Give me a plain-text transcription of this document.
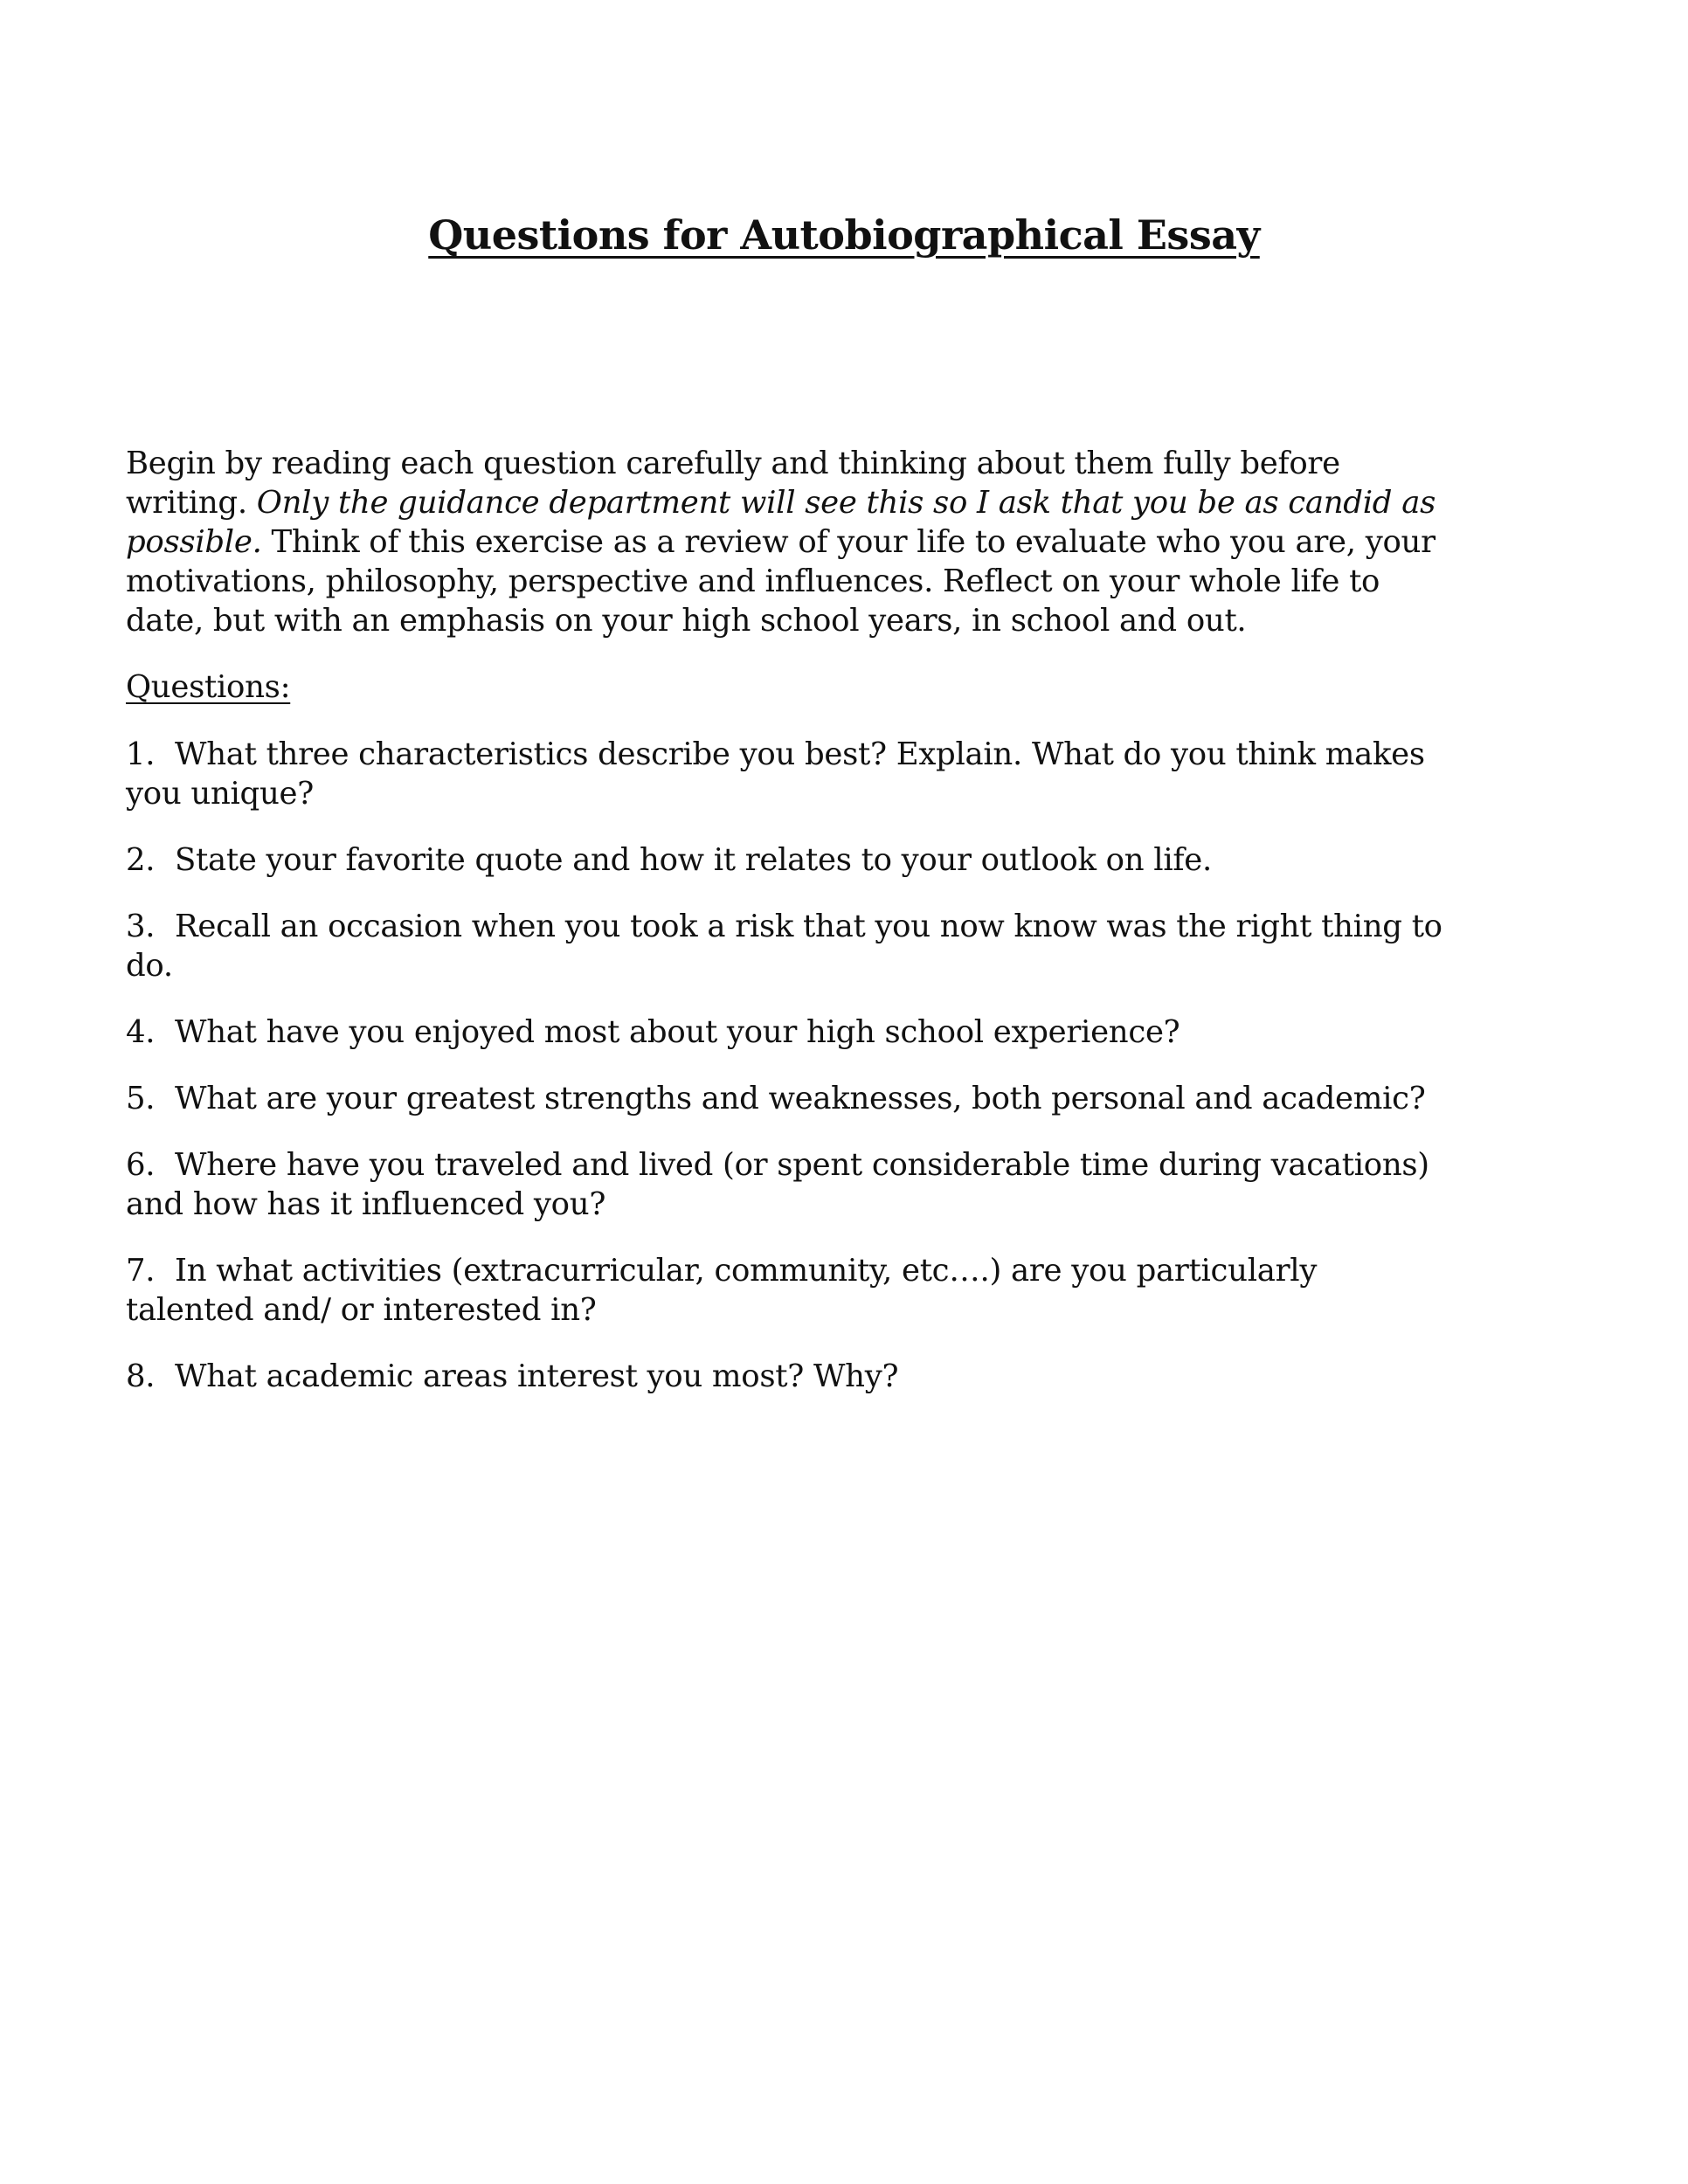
Questions for Autobiographical Essay

Begin by reading each question carefully and thinking about them fully before writing. Only the guidance department will see this so I ask that you be as candid as possible. Think of this exercise as a review of your life to evaluate who you are, your motivations, philosophy, perspective and influences. Reflect on your whole life to date, but with an emphasis on your high school years, in school and out.

Questions:
1. What three characteristics describe you best? Explain. What do you think makes you unique?
2. State your favorite quote and how it relates to your outlook on life.
3. Recall an occasion when you took a risk that you now know was the right thing to do.
4. What have you enjoyed most about your high school experience?
5. What are your greatest strengths and weaknesses, both personal and academic?
6. Where have you traveled and lived (or spent considerable time during vacations) and how has it influenced you?
7. In what activities (extracurricular, community, etc….) are you particularly talented and/ or interested in?
8. What academic areas interest you most? Why?
